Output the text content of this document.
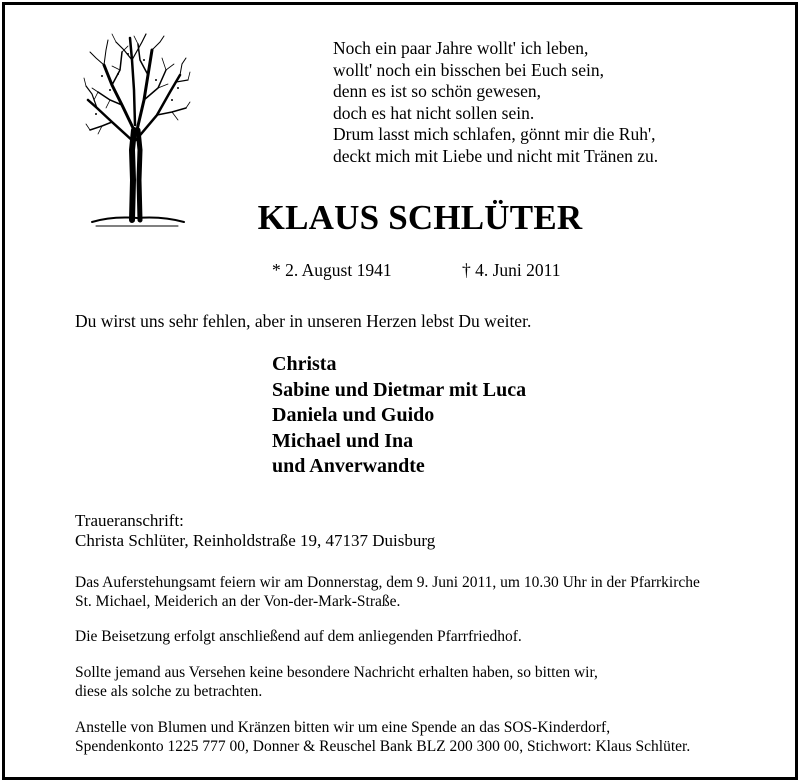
Noch ein paar Jahre wollt' ich leben,
wollt' noch ein bisschen bei Euch sein,
denn es ist so schön gewesen,
doch es hat nicht sollen sein.
Drum lasst mich schlafen, gönnt mir die Ruh',
deckt mich mit Liebe und nicht mit Tränen zu.
KLAUS SCHLÜTER
* 2. August 1941	† 4. Juni 2011
Du wirst uns sehr fehlen, aber in unseren Herzen lebst Du weiter.
Christa
Sabine und Dietmar mit Luca
Daniela und Guido
Michael und Ina
und Anverwandte
Traueranschrift:
Christa Schlüter, Reinholdstraße 19, 47137 Duisburg
Das Auferstehungsamt feiern wir am Donnerstag, dem 9. Juni 2011, um 10.30 Uhr in der Pfarrkirche
St. Michael, Meiderich an der Von-der-Mark-Straße.
Die Beisetzung erfolgt anschließend auf dem anliegenden Pfarrfriedhof.
Sollte jemand aus Versehen keine besondere Nachricht erhalten haben, so bitten wir,
diese als solche zu betrachten.
Anstelle von Blumen und Kränzen bitten wir um eine Spende an das SOS-Kinderdorf,
Spendenkonto 1225 777 00, Donner & Reuschel Bank BLZ 200 300 00, Stichwort: Klaus Schlüter.
